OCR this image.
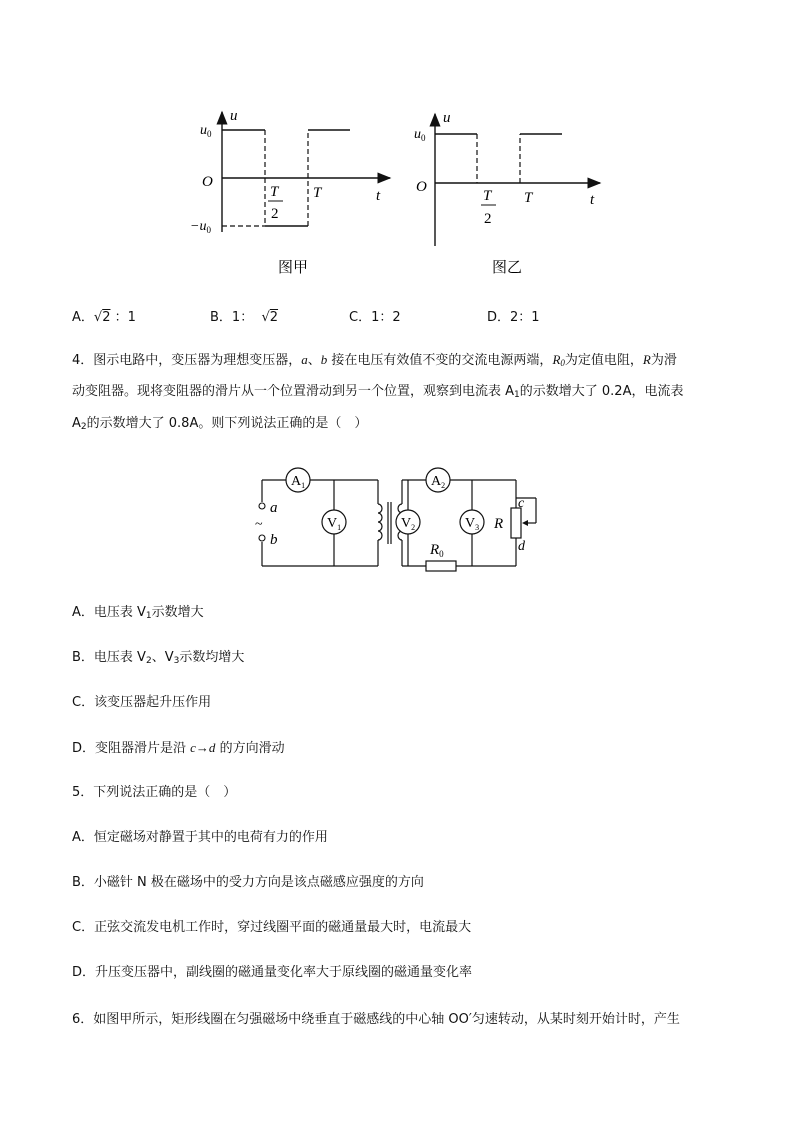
u
$u_0$
O
$-u_0$
t
T
2
T
图甲
u
$u_0$
O
t
T
2
T
图乙
A．√2 ：1	B．1： √2	C．1：2	D．2：1
4．图示电路中，变压器为理想变压器，a、b 接在电压有效值不变的交流电源两端，$R_0$为定值电阻，R为滑
动变阻器。现将变阻器的滑片从一个位置滑动到另一个位置，观察到电流表 $A_1$的示数增大了 0.2A，电流表
$A_2$的示数增大了 0.8A。则下列说法正确的是（　）
$A_1$
$V_1$
$A_2$
$V_2$	$V_3$
a
~
b
R
c
d
$R_0$
A．电压表 $V_1$示数增大
B．电压表 $V_2$、$V_3$示数均增大
C．该变压器起升压作用
D．变阻器滑片是沿 c→d 的方向滑动
5．下列说法正确的是（　）
A．恒定磁场对静置于其中的电荷有力的作用
B．小磁针 N 极在磁场中的受力方向是该点磁感应强度的方向
C．正弦交流发电机工作时，穿过线圈平面的磁通量最大时，电流最大
D．升压变压器中，副线圈的磁通量变化率大于原线圈的磁通量变化率
6．如图甲所示，矩形线圈在匀强磁场中绕垂直于磁感线的中心轴 OO′匀速转动，从某时刻开始计时，产生
